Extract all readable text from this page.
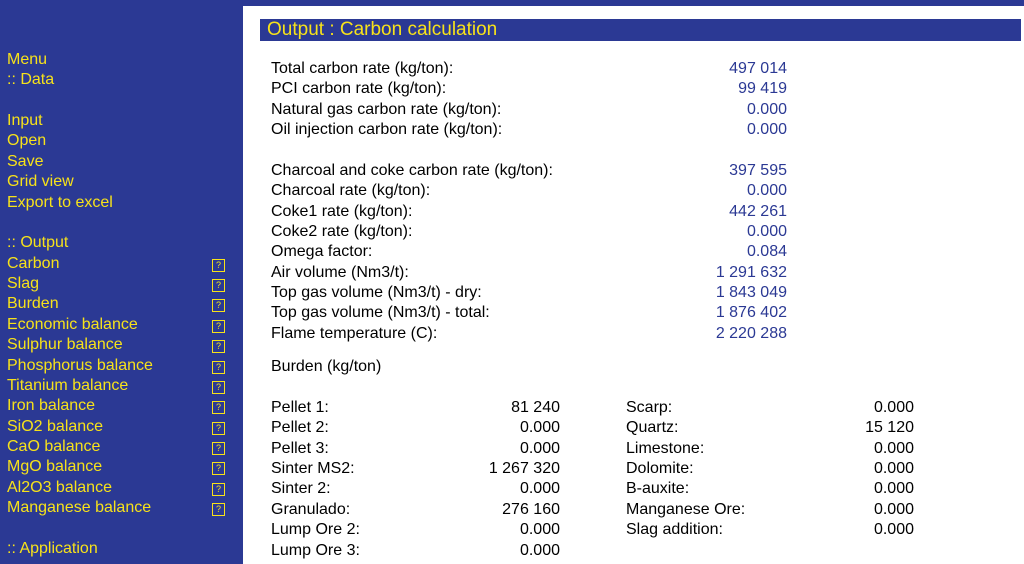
Menu
:: Data
Input
Open
Save
Grid view
Export to excel
:: Output
Carbon	?
Slag	?
Burden	?
Economic balance	?
Sulphur balance	?
Phosphorus balance	?
Titanium balance	?
Iron balance	?
SiO2 balance	?
CaO balance	?
MgO balance	?
Al2O3 balance	?
Manganese balance	?
:: Application
Output : Carbon calculation
Total carbon rate (kg/ton):	497 014
PCI carbon rate (kg/ton):	99 419
Natural gas carbon rate (kg/ton):	0.000
Oil injection carbon rate (kg/ton):	0.000
Charcoal and coke carbon rate (kg/ton):	397 595
Charcoal rate (kg/ton):	0.000
Coke1 rate (kg/ton):	442 261
Coke2 rate (kg/ton):	0.000
Omega factor:	0.084
Air volume (Nm3/t):	1 291 632
Top gas volume (Nm3/t) - dry:	1 843 049
Top gas volume (Nm3/t) - total:	1 876 402
Flame temperature (C):	2 220 288
Burden (kg/ton)
Pellet 1:	81 240
Pellet 2:	0.000
Pellet 3:	0.000
Sinter MS2:	1 267 320
Sinter 2:	0.000
Granulado:	276 160
Lump Ore 2:	0.000
Lump Ore 3:	0.000
Scarp:	0.000
Quartz:	15 120
Limestone:	0.000
Dolomite:	0.000
B-auxite:	0.000
Manganese Ore:	0.000
Slag addition:	0.000
